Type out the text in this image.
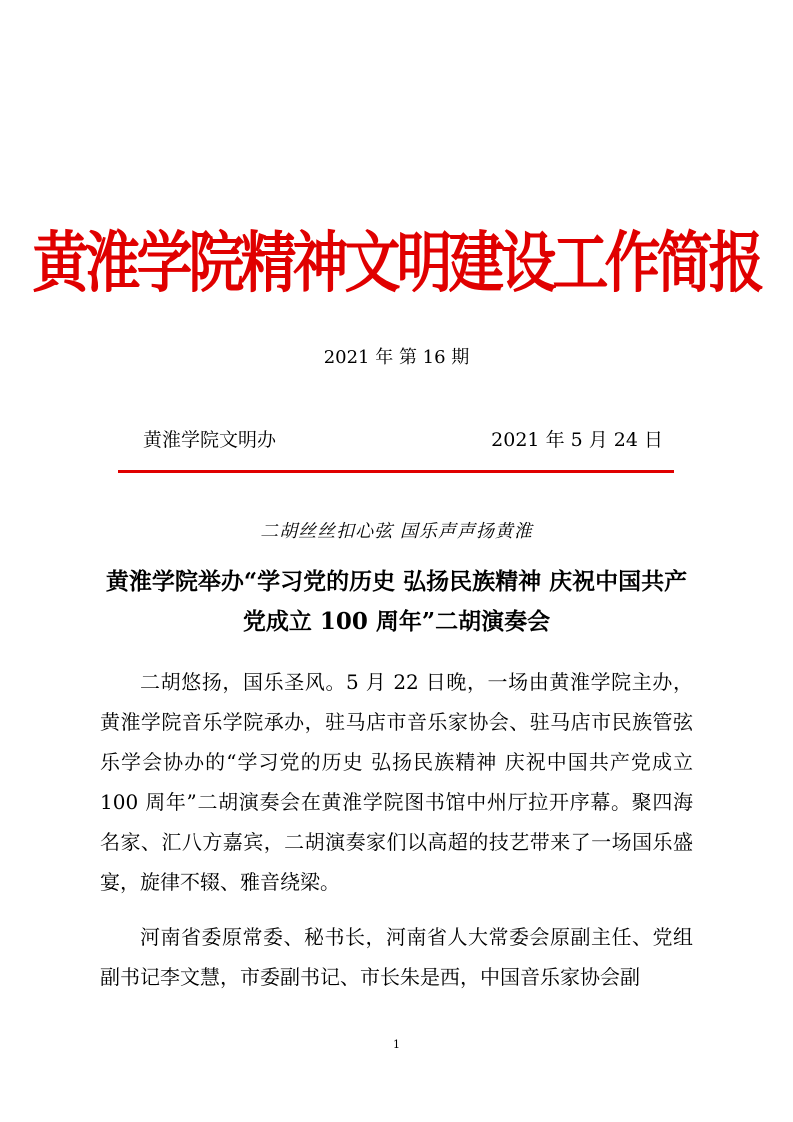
黄淮学院精神文明建设工作简报
2021 年 第 16 期
黄淮学院文明办	2021 年 5 月 24 日
二胡丝丝扣心弦 国乐声声扬黄淮
黄淮学院举办“学习党的历史 弘扬民族精神 庆祝中国共产党成立 100 周年”二胡演奏会

二胡悠扬，国乐圣风。5 月 22 日晚，一场由黄淮学院主办，黄淮学院音乐学院承办，驻马店市音乐家协会、驻马店市民族管弦乐学会协办的“学习党的历史 弘扬民族精神 庆祝中国共产党成立 100 周年”二胡演奏会在黄淮学院图书馆中州厅拉开序幕。聚四海名家、汇八方嘉宾，二胡演奏家们以高超的技艺带来了一场国乐盛宴，旋律不辍、雅音绕梁。

河南省委原常委、秘书长，河南省人大常委会原副主任、党组副书记李文慧，市委副书记、市长朱是西，中国音乐家协会副

1
